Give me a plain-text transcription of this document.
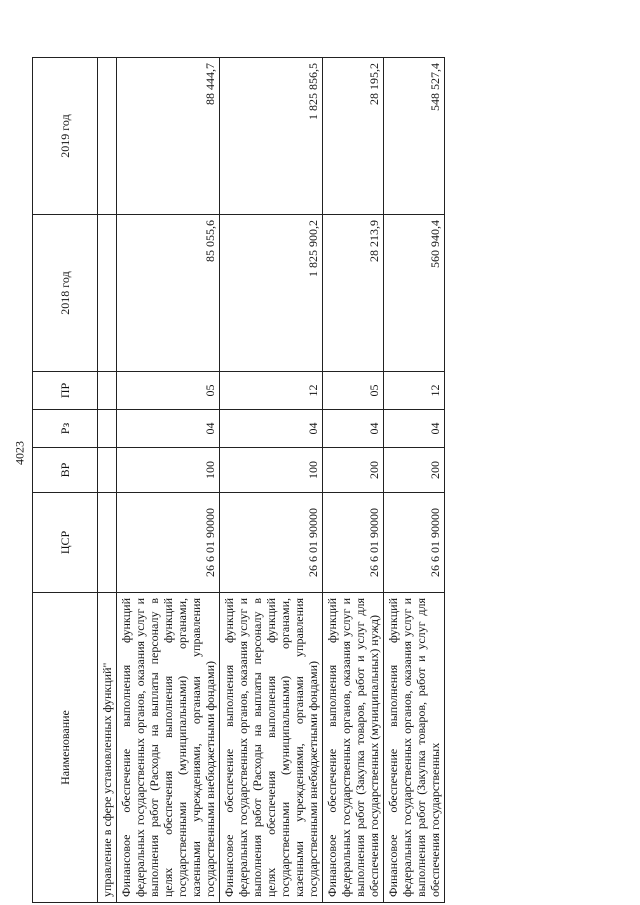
4023
Наименование	ЦСР	ВР	Рз	ПР	2018 год	2019 год
управление в сфере установленных функций"						
Финансовое обеспечение выполнения функций федеральных государственных органов, оказания услуг и выполнения работ (Расходы на выплаты персоналу в целях обеспечения выполнения функций государственными (муниципальными) органами, казенными учреждениями, органами управления государственными внебюджетными фондами)	26 6 01 90000	100	04	05	85 055,6	88 444,7
Финансовое обеспечение выполнения функций федеральных государственных органов, оказания услуг и выполнения работ (Расходы на выплаты персоналу в целях обеспечения выполнения функций государственными (муниципальными) органами, казенными учреждениями, органами управления государственными внебюджетными фондами)	26 6 01 90000	100	04	12	1 825 900,2	1 825 856,5
Финансовое обеспечение выполнения функций федеральных государственных органов, оказания услуг и выполнения работ (Закупка товаров, работ и услуг для обеспечения государственных (муниципальных) нужд)	26 6 01 90000	200	04	05	28 213,9	28 195,2
Финансовое обеспечение выполнения функций федеральных государственных органов, оказания услуг и выполнения работ (Закупка товаров, работ и услуг для обеспечения государственных	26 6 01 90000	200	04	12	560 940,4	548 527,4
